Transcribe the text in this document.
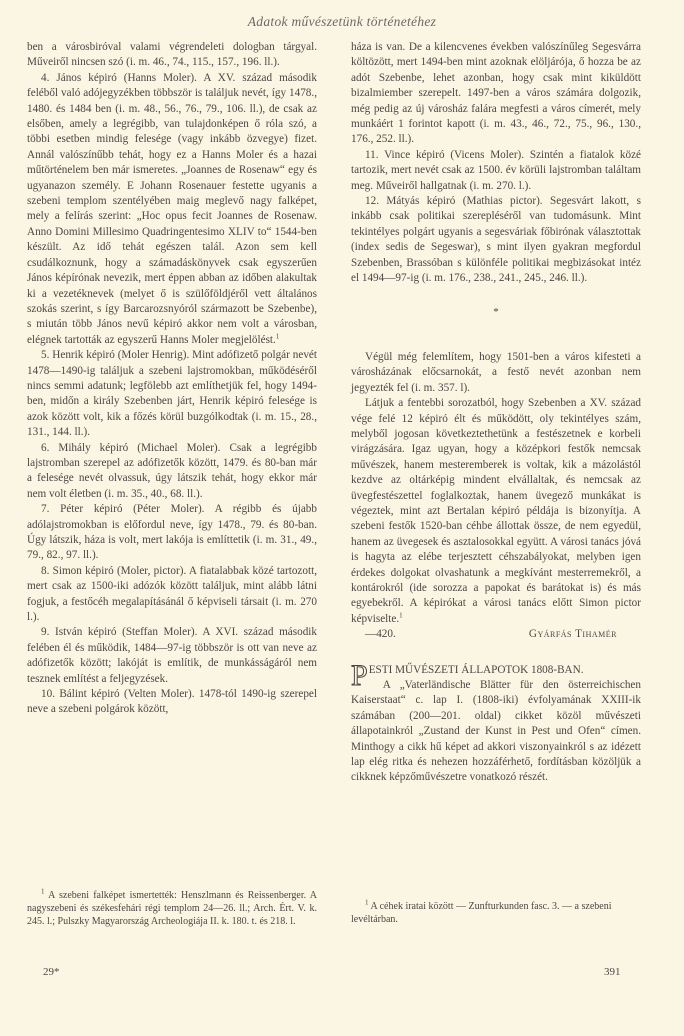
Adatok művészetünk történetéhez

ben a városbiróval valami végrendeleti dologban tárgyal. Műveiről nincsen szó (i. m. 46., 74., 115., 157., 196. ll.).

4. János képiró (Hanns Moler). A XV. század második feléből való adójegyzékben többször is találjuk nevét, így 1478., 1480. és 1484 ben (i. m. 48., 56., 76., 79., 106. ll.), de csak az elsőben, amely a legrégibb, van tulajdonképen ő róla szó, a többi esetben mindig felesége (vagy inkább özvegye) fizet. Annál valószínűbb tehát, hogy ez a Hanns Moler és a hazai műtörténelem ben már ismeretes. „Joannes de Rosenaw“ egy és ugyanazon személy. E Johann Rosenauer festette ugyanis a szebeni templom szentélyében maig meglevő nagy falképet, mely a felírás szerint: „Hoc opus fecit Joannes de Rosenaw. Anno Domini Millesimo Quadringentesimo XLIV to“ 1544-ben készült. Az idő tehát egészen talál. Azon sem kell csudálkoznunk, hogy a számadáskönyvek csak egyszerűen János képírónak nevezik, mert éppen abban az időben alakultak ki a vezetéknevek (melyet ő is szülőföldjéről vett általános szokás szerint, s így Barcarozsnyóról származott be Szebenbe), s miután több János nevű képiró akkor nem volt a városban, elégnek tartották az egyszerű Hanns Moler megjelölést.$^1$

5. Henrik képiró (Moler Henrig). Mint adófizető polgár nevét 1478—1490-ig találjuk a szebeni lajstromokban, működéséről nincs semmi adatunk; legfölebb azt említhetjük fel, hogy 1494-ben, midőn a király Szebenben járt, Henrik képiró felesége is azok között volt, kik a főzés körül buzgólkodtak (i. m. 15., 28., 131., 144. ll.).

6. Mihály képiró (Michael Moler). Csak a legrégibb lajstromban szerepel az adófizetők között, 1479. és 80-ban már a felesége nevét olvassuk, úgy látszik tehát, hogy ekkor már nem volt életben (i. m. 35., 40., 68. ll.).

7. Péter képiró (Péter Moler). A régibb és újabb adólajstromokban is előfordul neve, így 1478., 79. és 80-ban. Úgy látszik, háza is volt, mert lakója is említtetik (i. m. 31., 49., 79., 82., 97. ll.).

8. Simon képiró (Moler, pictor). A fiatalabbak közé tartozott, mert csak az 1500-iki adózók között találjuk, mint alább látni fogjuk, a festőcéh megalapításánál ő képviseli társait (i. m. 270 l.).

9. István képiró (Steffan Moler). A XVI. század második felében él és működik, 1484—97-ig többször is ott van neve az adófizetők között; lakóját is említik, de munkásságáról nem tesznek említést a feljegyzések.

10. Bálint képiró (Velten Moler). 1478-tól 1490-ig szerepel neve a szebeni polgárok között,

$^1$ A szebeni falképet ismertették: Henszlmann és Reissenberger. A nagyszebeni és székesfehári régi templom 24—26. ll.; Arch. Ért. V. k. 245. l.; Pulszky Magyarország Archeologiája II. k. 180. t. és 218. l.

29*

háza is van. De a kilencvenes években valószínűleg Segesvárra költözött, mert 1494-ben mint azoknak elöljárója, ő hozza be az adót Szebenbe, lehet azonban, hogy csak mint kiküldött bizalmiember szerepelt. 1497-ben a város számára dolgozik, még pedig az új városház falára megfesti a város címerét, mely munkáért 1 forintot kapott (i. m. 43., 46., 72., 75., 96., 130., 176., 252. ll.).

11. Vince képiró (Vicens Moler). Szintén a fiatalok közé tartozik, mert nevét csak az 1500. év körüli lajstromban találtam meg. Műveiről hallgatnak (i. m. 270. l.).

12. Mátyás képiró (Mathias pictor). Segesvárt lakott, s inkább csak politikai szerepléséről van tudomásunk. Mint tekintélyes polgárt ugyanis a segesváriak főbirónak választottak (index sedis de Segeswar), s mint ilyen gyakran megfordul Szebenben, Brassóban s különféle politikai megbizásokat intéz el 1494—97-ig (i. m. 176., 238., 241., 245., 246. ll.).

*

Végül még felemlítem, hogy 1501-ben a város kifesteti a városházának előcsarnokát, a festő nevét azonban nem jegyezték fel (i. m. 357. l).

Látjuk a fentebbi sorozatból, hogy Szebenben a XV. század vége felé 12 képiró élt és működött, oly tekintélyes szám, melyből jogosan következtethetünk a festészetnek e korbeli virágzására. Igaz ugyan, hogy a középkori festők nemcsak művészek, hanem mesteremberek is voltak, kik a mázolástól kezdve az oltárképig mindent elvállaltak, és nemcsak az üvegfestészettel foglalkoztak, hanem üvegező munkákat is végeztek, mint azt Bertalan képiró példája is bizonyítja. A szebeni festők 1520-ban céhbe állottak össze, de nem egyedül, hanem az üvegesek és asztalosokkal együtt. A városi tanács jóvá is hagyta az elébe terjesztett céhszabályokat, melyben igen érdekes dolgokat olvashatunk a megkívánt mesterremekről, a kontárokról (ide sorozza a papokat és barátokat is) és más egyebekről. A képirókat a városi tanács előtt Simon pictor képviselte.$^1$

—420.	Gyárfás Tihamér
P ESTI MŰVÉSZETI ÁLLAPOTOK 1808-BAN.

A „Vaterländische Blätter für den österreichischen Kaiserstaat“ c. lap I. (1808-iki) évfolyamának XXIII-ik számában (200—201. oldal) cikket közöl művészeti állapotainkról „Zustand der Kunst in Pest und Ofen“ címen. Minthogy a cikk hű képet ad akkori viszonyainkról s az idézett lap elég ritka és nehezen hozzáférhető, fordításban közöljük a cikknek képzőművészetre vonatkozó részét.

$^1$ A céhek iratai között — Zunfturkunden fasc. 3. — a szebeni levéltárban.

391
